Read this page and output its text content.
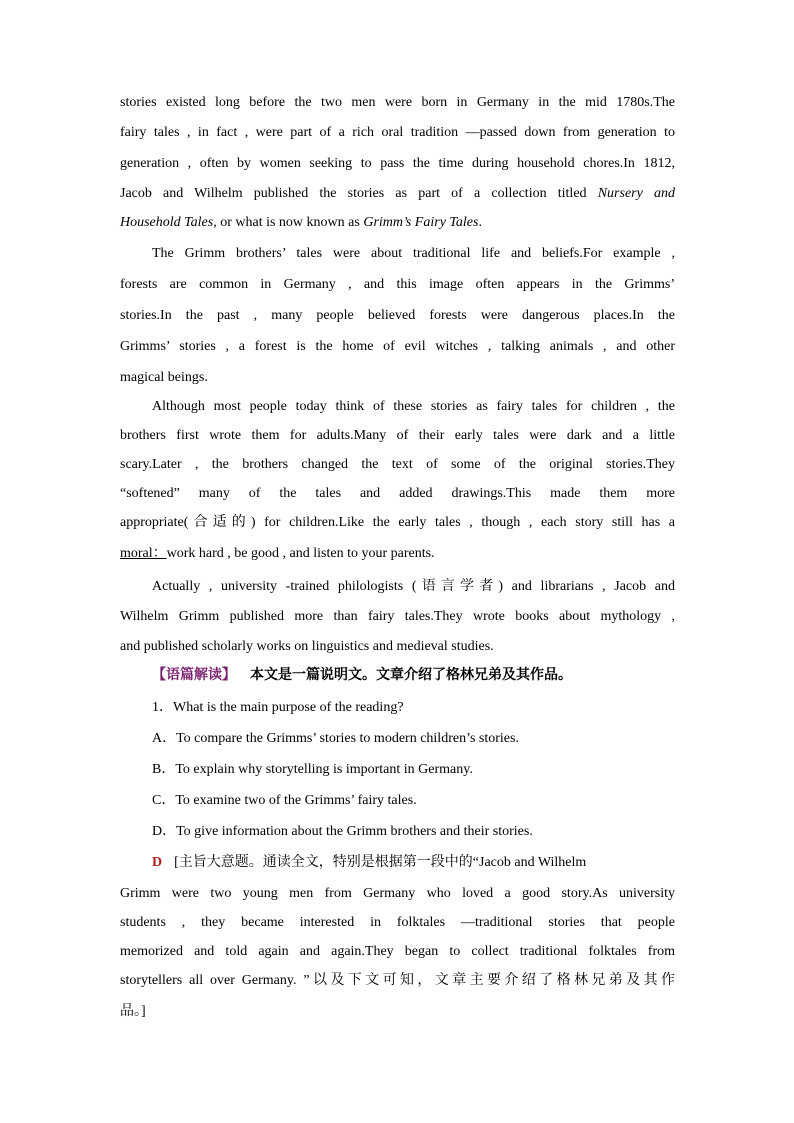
stories existed long before the two men were born in Germany in the mid 1780s.The
fairy tales , in fact , were part of a rich oral tradition —passed down from generation to
generation , often by women seeking to pass the time during household chores.In 1812,
Jacob and Wilhelm published the stories as part of a collection titled Nursery and
Household Tales, or what is now known as Grimm’s Fairy Tales.
The Grimm brothers’ tales were about traditional life and beliefs.For example ,
forests are common in Germany , and this image often appears in the Grimms’
stories.In the past , many people believed forests were dangerous places.In the
Grimms’ stories , a forest is the home of evil witches , talking animals , and other
magical beings.
Although most people today think of these stories as fairy tales for children , the
brothers first wrote them for adults.Many of their early tales were dark and a little
scary.Later , the brothers changed the text of some of the original stories.They
“softened” many of the tales and added drawings.This made them more
appropriate(合适的) for children.Like the early tales , though , each story still has a
moral：work hard , be good , and listen to your parents.
Actually , university -trained philologists (语言学者) and librarians , Jacob and
Wilhelm Grimm published more than fairy tales.They wrote books about mythology ,
and published scholarly works on linguistics and medieval studies.
【语篇解读】 本文是一篇说明文。文章介绍了格林兄弟及其作品。
1．What is the main purpose of the reading?
A．To compare the Grimms’ stories to modern children’s stories.
B．To explain why storytelling is important in Germany.
C．To examine two of the Grimms’ fairy tales.
D．To give information about the Grimm brothers and their stories.
D [主旨大意题。通读全文，特别是根据第一段中的“Jacob and Wilhelm
Grimm were two young men from Germany who loved a good story.As university
students , they became interested in folktales —traditional stories that people
memorized and told again and again.They began to collect traditional folktales from
storytellers all over Germany. ”以及下文可知，文章主要介绍了格林兄弟及其作
品。]
